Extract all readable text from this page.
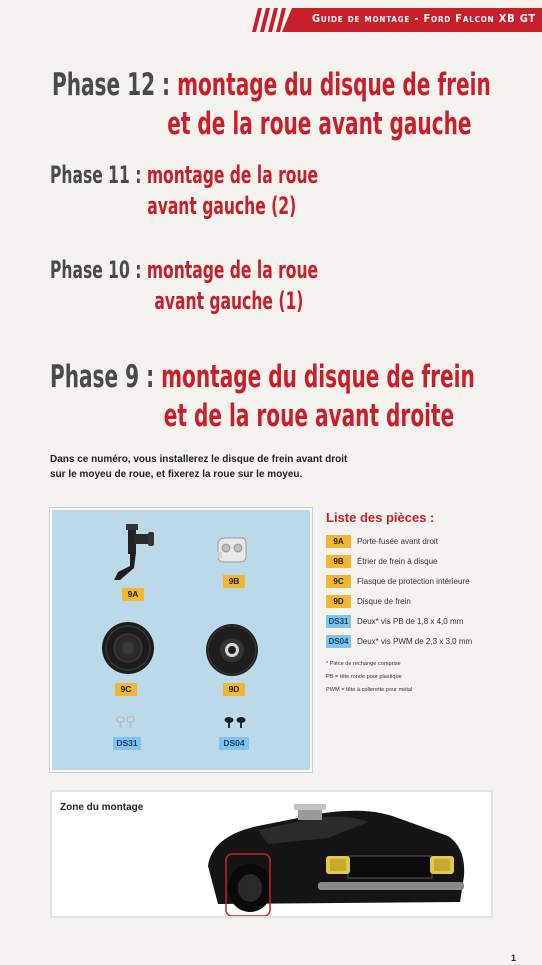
Guide de montage - Ford Falcon XB GT
Phase 12 : montage du disque de frein
et de la roue avant gauche
Phase 11 : montage de la roue
avant gauche (2)
Phase 10 : montage de la roue
avant gauche (1)
Phase 9 : montage du disque de frein
et de la roue avant droite
Dans ce numéro, vous installerez le disque de frein avant droit
sur le moyeu de roue, et fixerez la roue sur le moyeu.
9A
9B
9C	9D
DS31	DS04
Liste des pièces :
9A	Porte-fusée avant droit
9B	Étrier de frein à disque
9C	Flasque de protection intérieure
9D	Disque de frein
DS31	Deux* vis PB de 1,8 x 4,0 mm
DS04	Deux* vis PWM de 2,3 x 3,0 mm
* Pièce de rechange comprise
PB = tête ronde pour plastique
PWM = tête à collerette pour métal
Zone du montage
1
